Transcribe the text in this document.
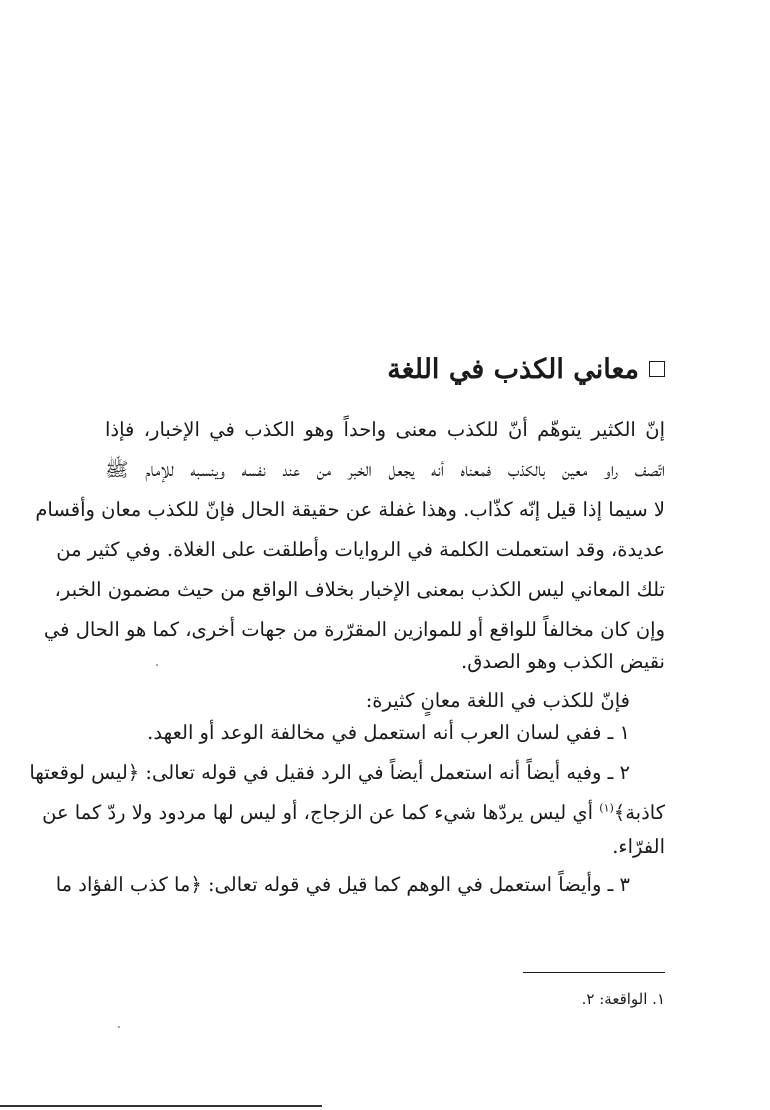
معاني الكذب في اللغة
إنّ الكثير يتوهّم أنّ للكذب معنى واحداً وهو الكذب في الإخبار، فإذا
اتّصف راو معين بالكذب فمعناه أنه يجعل الخبر من عند نفسه وينسبه للإمام ﷺ
لا سيما إذا قيل إنّه كذّاب. وهذا غفلة عن حقيقة الحال فإنّ للكذب معان وأقسام
عديدة، وقد استعملت الكلمة في الروايات وأطلقت على الغلاة. وفي كثير من
تلك المعاني ليس الكذب بمعنى الإخبار بخلاف الواقع من حيث مضمون الخبر،
وإن كان مخالفاً للواقع أو للموازين المقرّرة من جهات أخرى، كما هو الحال في
نقيض الكذب وهو الصدق.
فإنّ للكذب في اللغة معانٍ كثيرة:
١ ـ ففي لسان العرب أنه استعمل في مخالفة الوعد أو العهد.
٢ ـ وفيه أيضاً أنه استعمل أيضاً في الرد فقيل في قوله تعالى: ﴿ليس لوقعتها
كاذبة﴾$^{(١)}$ أي ليس يردّها شيء كما عن الزجاج، أو ليس لها مردود ولا ردّ كما عن
الفرّاء.
٣ ـ وأيضاً استعمل في الوهم كما قيل في قوله تعالى: ﴿ما كذب الفؤاد ما
١. الواقعة: ٢.
